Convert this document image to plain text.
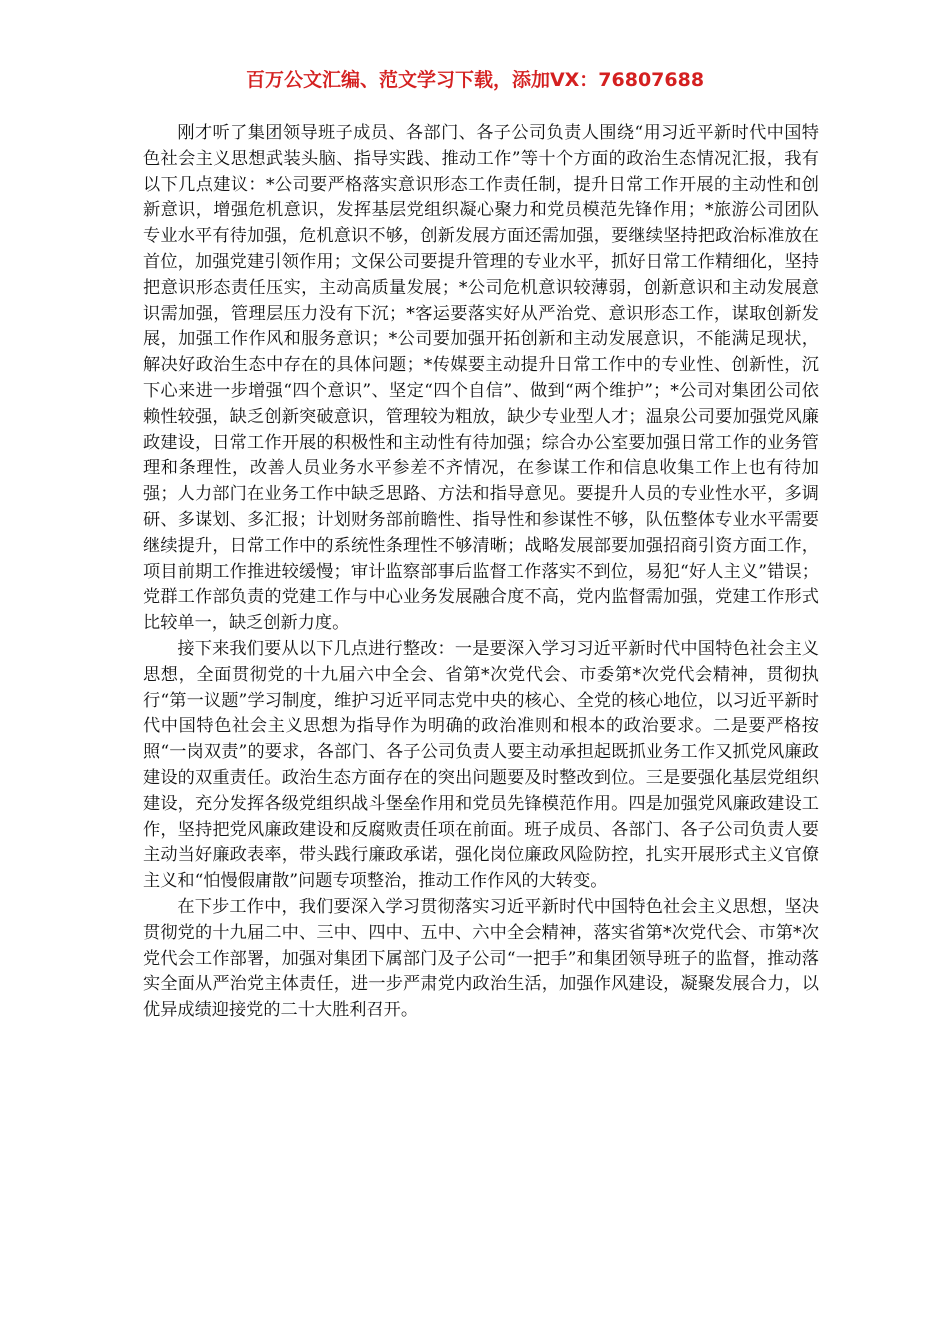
百万公文汇编、范文学习下载，添加VX：76807688

刚才听了集团领导班子成员、各部门、各子公司负责人围绕“用习近平新时代中国特色社会主义思想武装头脑、指导实践、推动工作”等十个方面的政治生态情况汇报，我有以下几点建议：*公司要严格落实意识形态工作责任制，提升日常工作开展的主动性和创新意识，增强危机意识，发挥基层党组织凝心聚力和党员模范先锋作用；*旅游公司团队专业水平有待加强，危机意识不够，创新发展方面还需加强，要继续坚持把政治标准放在首位，加强党建引领作用；文保公司要提升管理的专业水平，抓好日常工作精细化，坚持把意识形态责任压实，主动高质量发展；*公司危机意识较薄弱，创新意识和主动发展意识需加强，管理层压力没有下沉；*客运要落实好从严治党、意识形态工作，谋取创新发展，加强工作作风和服务意识；*公司要加强开拓创新和主动发展意识，不能满足现状，解决好政治生态中存在的具体问题；*传媒要主动提升日常工作中的专业性、创新性，沉下心来进一步增强“四个意识”、坚定“四个自信”、做到“两个维护”；*公司对集团公司依赖性较强，缺乏创新突破意识，管理较为粗放，缺少专业型人才；温泉公司要加强党风廉政建设，日常工作开展的积极性和主动性有待加强；综合办公室要加强日常工作的业务管理和条理性，改善人员业务水平参差不齐情况，在参谋工作和信息收集工作上也有待加强；人力部门在业务工作中缺乏思路、方法和指导意见。要提升人员的专业性水平，多调研、多谋划、多汇报；计划财务部前瞻性、指导性和参谋性不够，队伍整体专业水平需要继续提升，日常工作中的系统性条理性不够清晰；战略发展部要加强招商引资方面工作，项目前期工作推进较缓慢；审计监察部事后监督工作落实不到位，易犯“好人主义”错误；党群工作部负责的党建工作与中心业务发展融合度不高，党内监督需加强，党建工作形式比较单一，缺乏创新力度。

接下来我们要从以下几点进行整改：一是要深入学习习近平新时代中国特色社会主义思想，全面贯彻党的十九届六中全会、省第*次党代会、市委第*次党代会精神，贯彻执行“第一议题”学习制度，维护习近平同志党中央的核心、全党的核心地位，以习近平新时代中国特色社会主义思想为指导作为明确的政治准则和根本的政治要求。二是要严格按照“一岗双责”的要求，各部门、各子公司负责人要主动承担起既抓业务工作又抓党风廉政建设的双重责任。政治生态方面存在的突出问题要及时整改到位。三是要强化基层党组织建设，充分发挥各级党组织战斗堡垒作用和党员先锋模范作用。四是加强党风廉政建设工作，坚持把党风廉政建设和反腐败责任项在前面。班子成员、各部门、各子公司负责人要主动当好廉政表率，带头践行廉政承诺，强化岗位廉政风险防控，扎实开展形式主义官僚主义和“怕慢假庸散”问题专项整治，推动工作作风的大转变。

在下步工作中，我们要深入学习贯彻落实习近平新时代中国特色社会主义思想，坚决贯彻党的十九届二中、三中、四中、五中、六中全会精神，落实省第*次党代会、市第*次党代会工作部署，加强对集团下属部门及子公司“一把手”和集团领导班子的监督，推动落实全面从严治党主体责任，进一步严肃党内政治生活，加强作风建设，凝聚发展合力，以优异成绩迎接党的二十大胜利召开。
